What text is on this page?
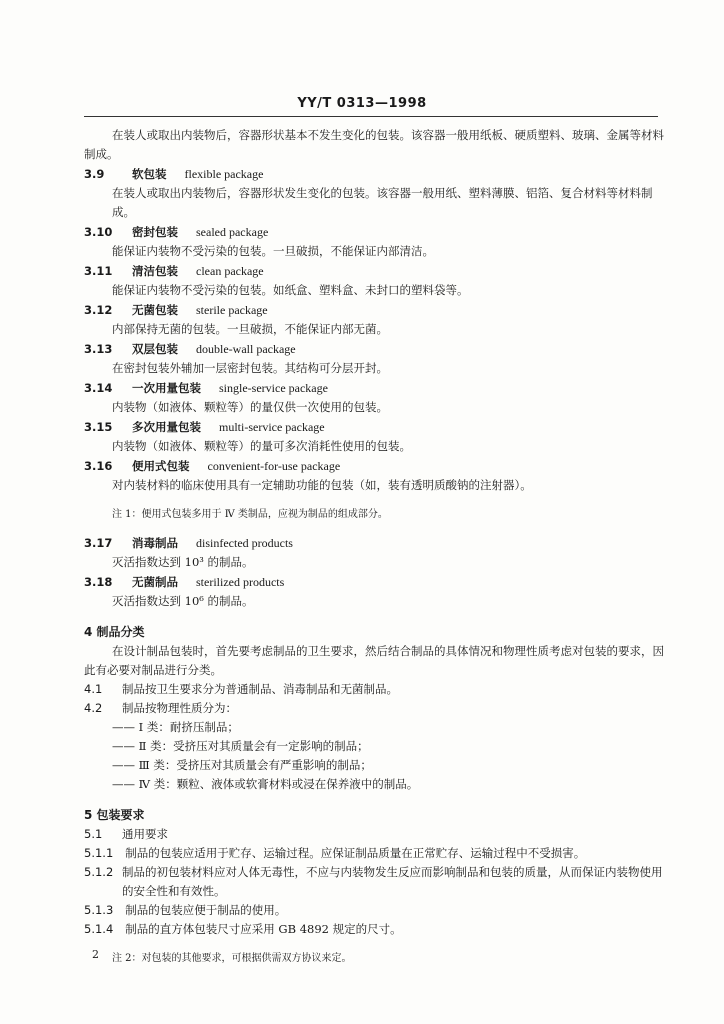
YY/T 0313—1998

在装人或取出内装物后，容器形状基本不发生变化的包装。该容器一般用纸板、硬质塑料、玻璃、金属等材料制成。

3.9	软包装 flexible package

在装人或取出内装物后，容器形状发生变化的包装。该容器一般用纸、塑料薄膜、铝箔、复合材料等材料制成。

3.10 密封包装 sealed package

能保证内装物不受污染的包装。一旦破损，不能保证内部清洁。

3.11 清洁包装 clean package

能保证内装物不受污染的包装。如纸盒、塑料盒、未封口的塑料袋等。

3.12 无菌包装 sterile package

内部保持无菌的包装。一旦破损，不能保证内部无菌。

3.13 双层包装 double-wall package

在密封包装外辅加一层密封包装。其结构可分层开封。

3.14 一次用量包装 single-service package

内装物（如液体、颗粒等）的量仅供一次使用的包装。

3.15 多次用量包装 multi-service package

内装物（如液体、颗粒等）的量可多次消耗性使用的包装。

3.16 便用式包装 convenient-for-use package

对内装材料的临床使用具有一定辅助功能的包装（如，装有透明质酸钠的注射器）。

注 1：便用式包装多用于 Ⅳ 类制品，应视为制品的组成部分。

3.17 消毒制品 disinfected products

灭活指数达到 10³ 的制品。

3.18 无菌制品 sterilized products

灭活指数达到 10⁶ 的制品。

4 制品分类

在设计制品包装时，首先要考虑制品的卫生要求，然后结合制品的具体情况和物理性质考虑对包装的要求，因此有必要对制品进行分类。

4.1	制品按卫生要求分为普通制品、消毒制品和无菌制品。
4.2	制品按物理性质分为：
—— Ⅰ 类：耐挤压制品；
—— Ⅱ 类：受挤压对其质量会有一定影响的制品；
—— Ⅲ 类：受挤压对其质量会有严重影响的制品；
—— Ⅳ 类：颗粒、液体或软膏材料或浸在保养液中的制品。
5 包装要求
5.1	通用要求
5.1.1 制品的包装应适用于贮存、运输过程。应保证制品质量在正常贮存、运输过程中不受损害。
5.1.2 制品的初包装材料应对人体无毒性，不应与内装物发生反应而影响制品和包装的质量，从而保证内装物使用的安全性和有效性。
5.1.3 制品的包装应便于制品的使用。
5.1.4 制品的直方体包装尺寸应采用 GB 4892 规定的尺寸。

注 2：对包装的其他要求，可根据供需双方协议来定。

2
